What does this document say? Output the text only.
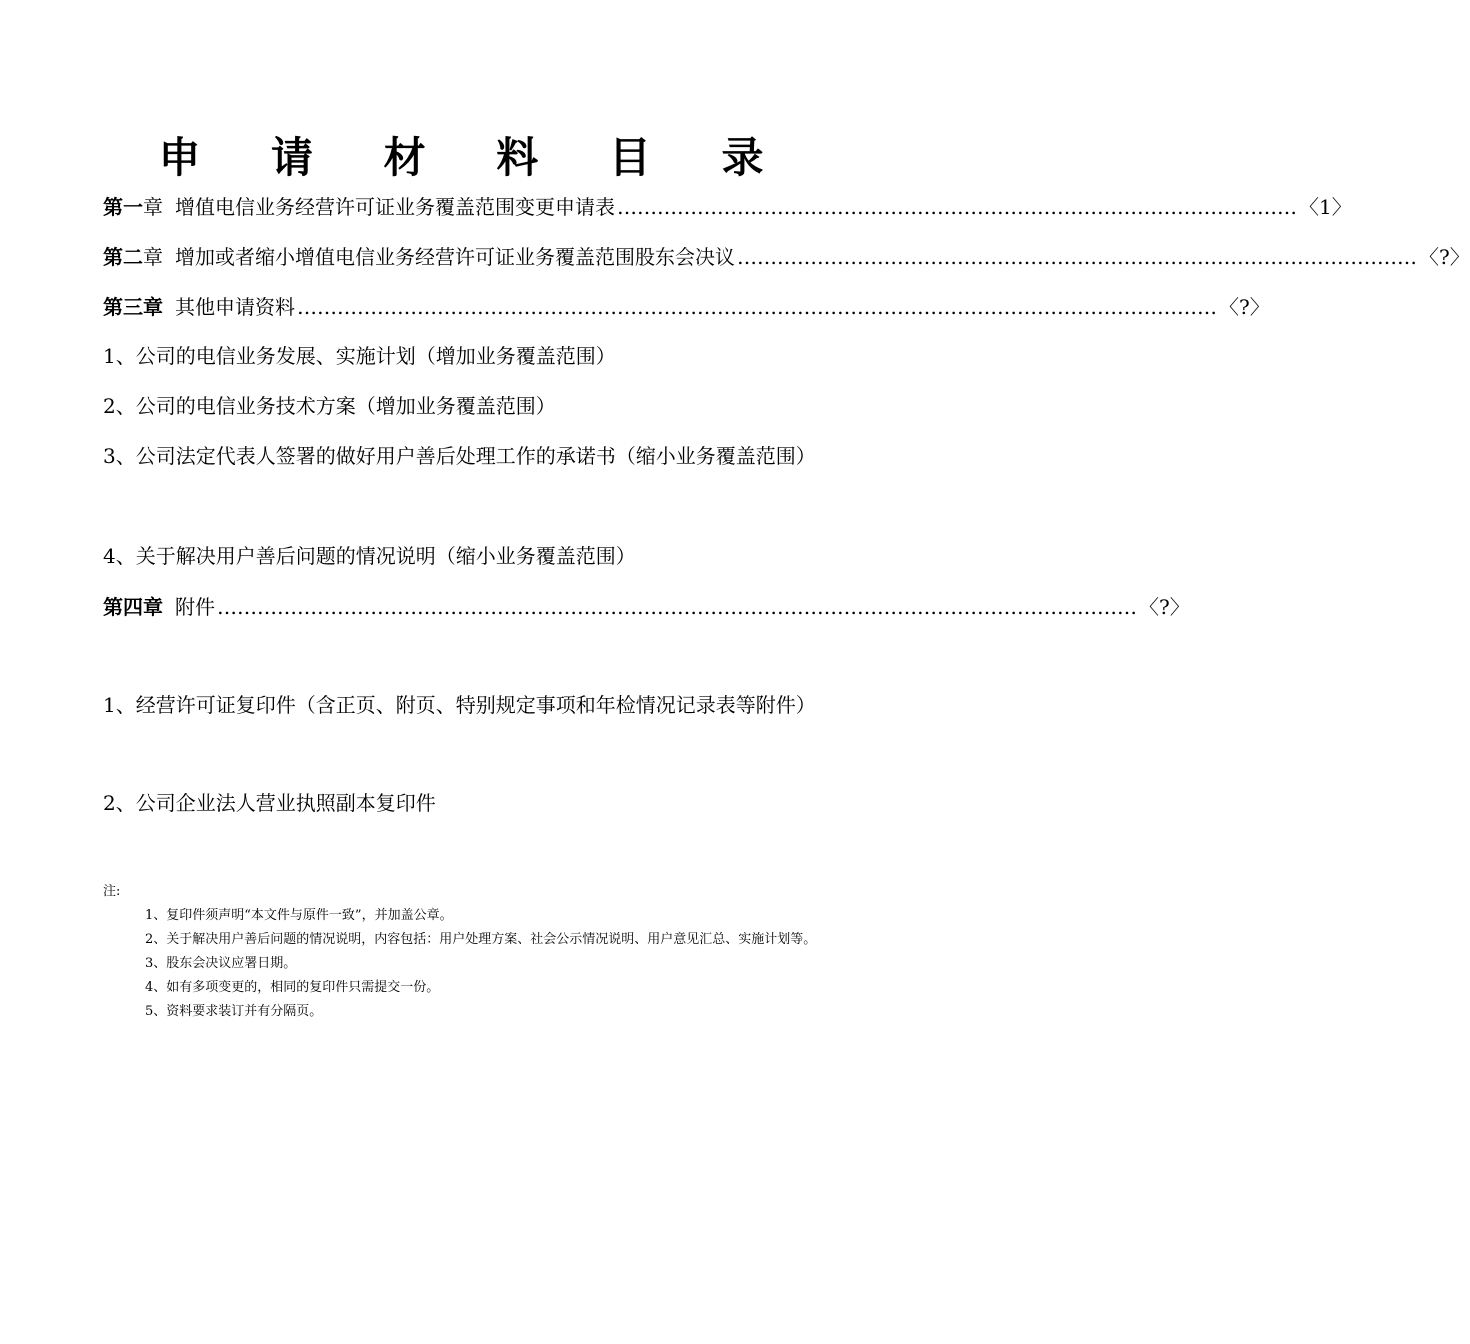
申 请 材 料 目 录
第一 章 增值电信业务经营许可证业务覆盖范围变更申请表 ………………………………………………………………………………………… 〈1〉
第二 章 增加或者缩小增值电信业务经营许可证业务覆盖范围股东会决议 ………………………………………………………………………………………… 〈?〉
第三章 其他申请资料 ………………………………………………………………………………………………………………………… 〈?〉
1、公司的电信业务发展、实施计划（增加业务覆盖范围）
2、公司的电信业务技术方案（增加业务覆盖范围）
3、公司法定代表人签署的做好用户善后处理工作的承诺书（缩小业务覆盖范围）
4、关于解决用户善后问题的情况说明（缩小业务覆盖范围）
第四章 附件 ………………………………………………………………………………………………………………………… 〈?〉
1、经营许可证复印件（含正页、附页、特别规定事项和年检情况记录表等附件）
2、公司企业法人营业执照副本复印件

注:

1、复印件须声明“本文件与原件一致”，并加盖公章。

2、关于解决用户善后问题的情况说明，内容包括：用户处理方案、社会公示情况说明、用户意见汇总、实施计划等。

3、股东会决议应署日期。

4、如有多项变更的，相同的复印件只需提交一份。

5、资料要求装订并有分隔页。
